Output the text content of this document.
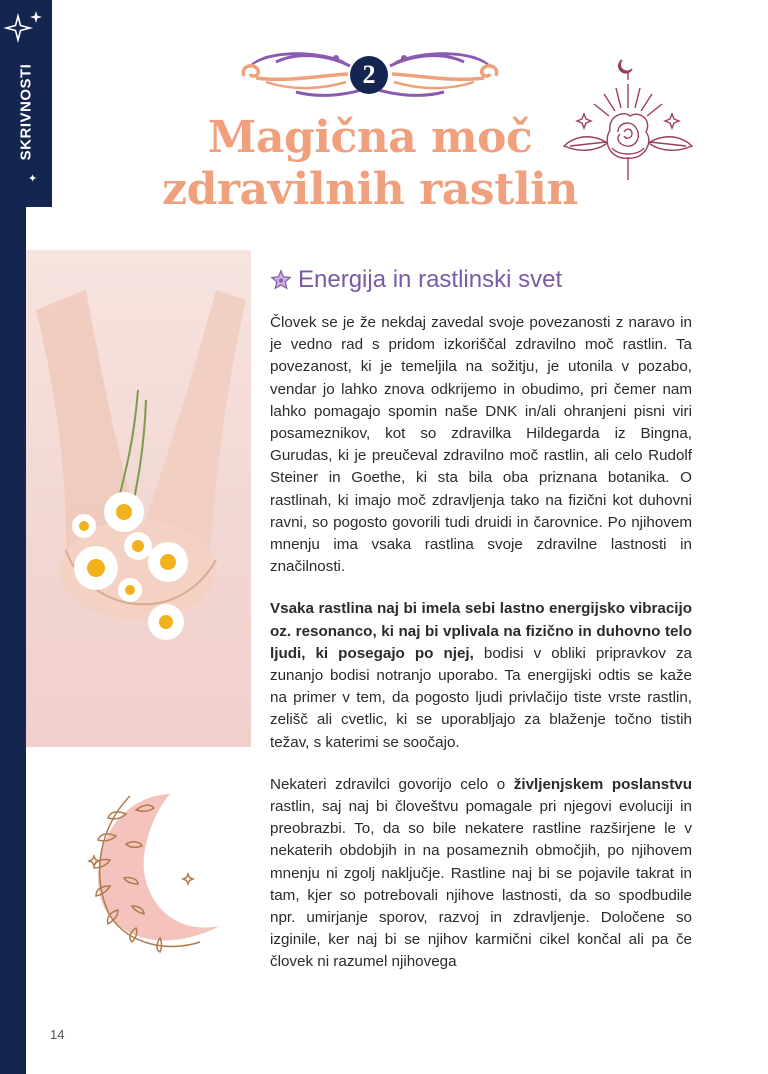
SKRIVNOSTI
✦
2
Magična moč
zdravilnih rastlin
Energija in rastlinski svet

Človek se je že nekdaj zavedal svoje povezanosti z naravo in je vedno rad s pridom izkoriščal zdravilno moč rastlin. Ta povezanost, ki je temeljila na sožitju, je utonila v pozabo, vendar jo lahko znova odkrijemo in obudimo, pri čemer nam lahko pomagajo spomin naše DNK in/ali ohranjeni pisni viri posameznikov, kot so zdravilka Hildegarda iz Bingna, Gurudas, ki je preučeval zdravilno moč rastlin, ali celo Rudolf Steiner in Goethe, ki sta bila oba priznana botanika. O rastlinah, ki imajo moč zdravljenja tako na fizični kot duhovni ravni, so pogosto govorili tudi druidi in čarovnice. Po njihovem mnenju ima vsaka rastlina svoje zdravilne lastnosti in značilnosti.

Vsaka rastlina naj bi imela sebi lastno energijsko vibracijo oz. resonanco, ki naj bi vplivala na fizično in duhovno telo ljudi, ki posegajo po njej, bodisi v obliki pripravkov za zunanjo bodisi notranjo uporabo. Ta energijski odtis se kaže na primer v tem, da pogosto ljudi privlačijo tiste vrste rastlin, zelišč ali cvetlic, ki se uporabljajo za blaženje točno tistih težav, s katerimi se soočajo.

Nekateri zdravilci govorijo celo o življenjskem poslanstvu rastlin, saj naj bi človeštvu pomagale pri njegovi evoluciji in preobrazbi. To, da so bile nekatere rastline razširjene le v nekaterih obdobjih in na posameznih območjih, po njihovem mnenju ni zgolj naključje. Rastline naj bi se pojavile takrat in tam, kjer so potrebovali njihove lastnosti, da so spodbudile npr. umirjanje sporov, razvoj in zdravljenje. Določene so izginile, ker naj bi se njihov karmični cikel končal ali pa če človek ni razumel njihovega

14
